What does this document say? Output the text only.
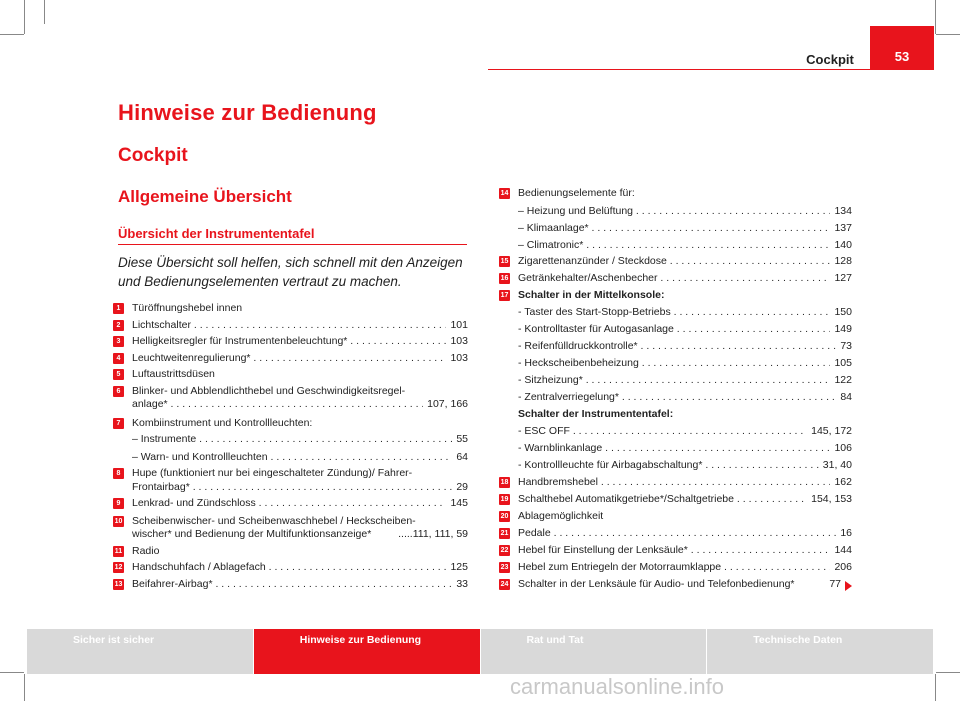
Cockpit	53
Hinweise zur Bedienung
Cockpit
Allgemeine Übersicht
Übersicht der Instrumententafel
Diese Übersicht soll helfen, sich schnell mit den Anzeigen und Bedienungselementen vertraut zu machen.
1	Türöffnungshebel innen
2	Lichtschalter . . .	101
3	Helligkeitsregler für Instrumentenbeleuchtung* . . .	103
4	Leuchtweitenregulierung* . . .	103
5	Luftaustrittsdüsen
6	Blinker- und Abblendlichthebel und Geschwindigkeitsregel-
anlage* . . .	107, 166
7	Kombiinstrument und Kontrollleuchten:
– Instrumente . . .	55
– Warn- und Kontrollleuchten . . .	64
8	Hupe (funktioniert nur bei eingeschalteter Zündung)/ Fahrer-
Frontairbag* . . .	29
9	Lenkrad- und Zündschloss . . .	145
10 Scheibenwischer- und Scheibenwaschhebel / Heckscheiben-
wischer* und Bedienung der Multifunktionsanzeige*	.....111, 111, 59
11 Radio
12 Handschuhfach / Ablagefach . . .	125
13 Beifahrer-Airbag* . . .	33
14 Bedienungselemente für:
– Heizung und Belüftung . . .	134
– Klimaanlage* . . .	137
– Climatronic* . . .	140
15 Zigarettenanzünder / Steckdose . . .	128
16 Getränkehalter/Aschenbecher . . .	127
17 Schalter in der Mittelkonsole:
- Taster des Start-Stopp-Betriebs . . .	150
- Kontrolltaster für Autogasanlage . . .	149
- Reifenfülldruckkontrolle* . . .	73
- Heckscheibenbeheizung . . .	105
- Sitzheizung* . . .	122
- Zentralverriegelung* . . .	84
Schalter der Instrumententafel:
- ESC OFF . . .	145, 172
- Warnblinkanlage . . .	106
- Kontrollleuchte für Airbagabschaltung* . . .	31, 40
18 Handbremshebel . . .	162
19 Schalthebel Automatikgetriebe*/Schaltgetriebe . . .	154, 153
20 Ablagemöglichkeit
21 Pedale . . .	16
22 Hebel für Einstellung der Lenksäule* . . .	144
23 Hebel zum Entriegeln der Motorraumklappe . . .	206
24 Schalter in der Lenksäule für Audio- und Telefonbedienung*	77
Sicher ist sicher	Hinweise zur Bedienung	Rat und Tat	Technische Daten
carmanualsonline.info
